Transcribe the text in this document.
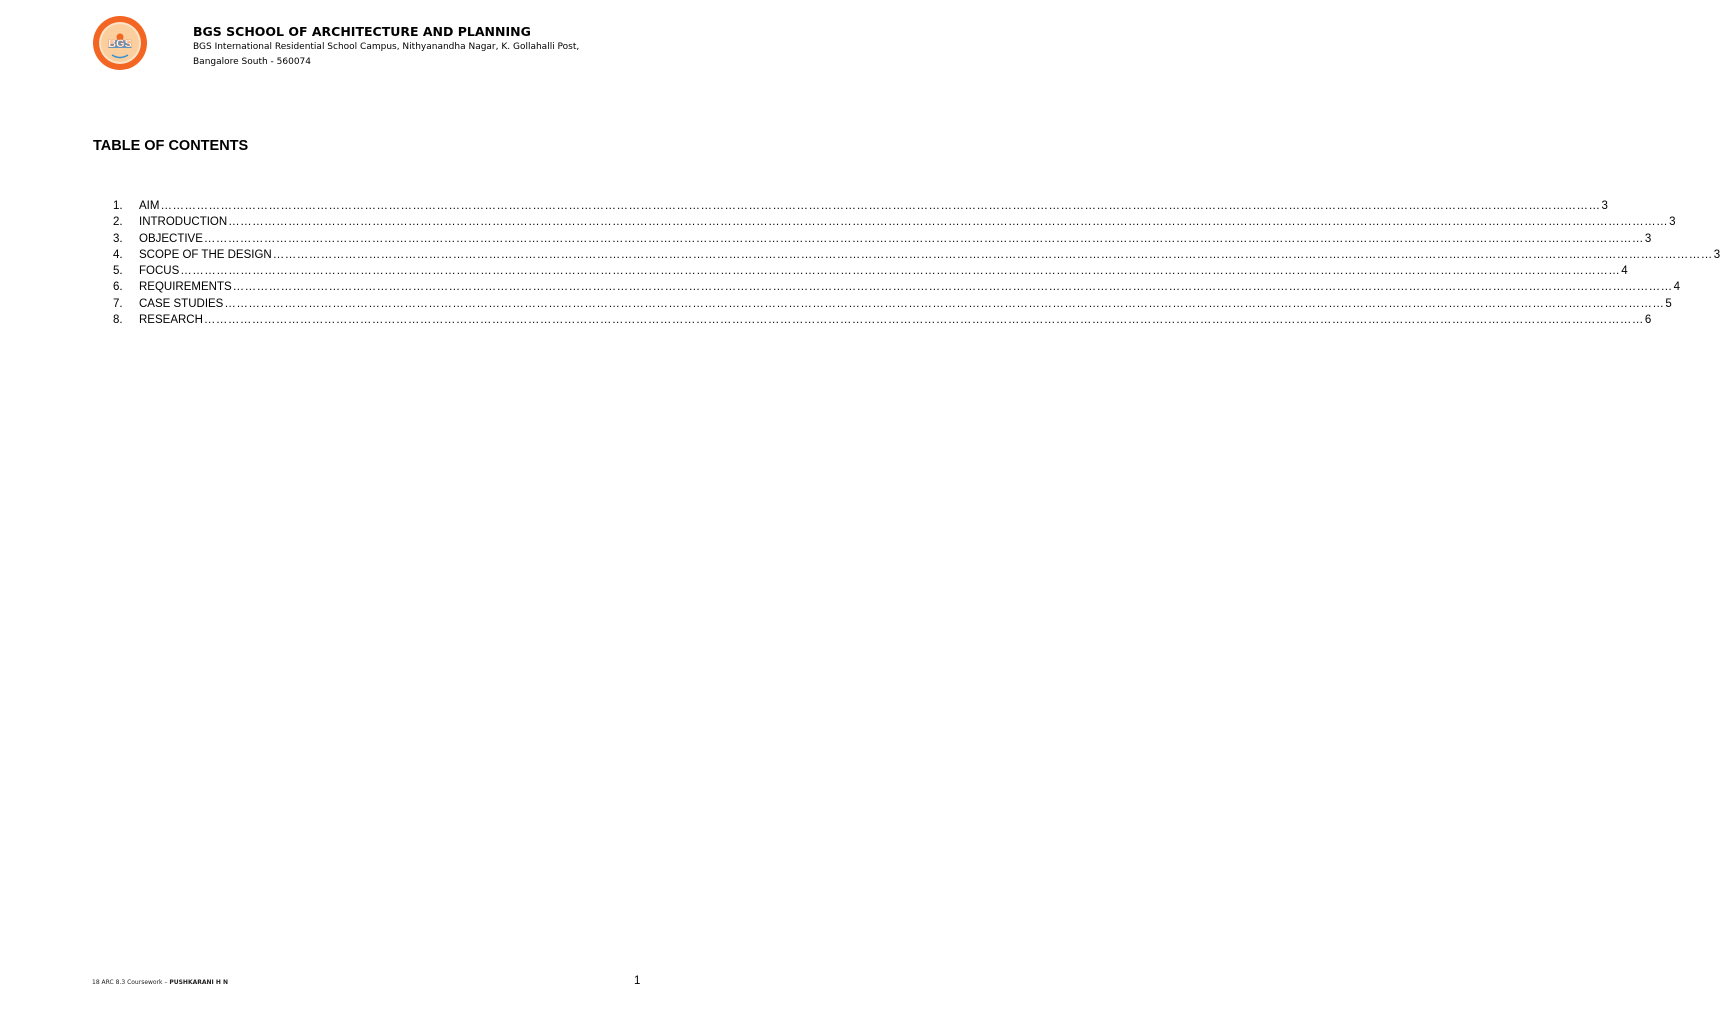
BGS

BGS SCHOOL OF ARCHITECTURE AND PLANNING

BGS International Residential School Campus, Nithyanandha Nagar, K. Gollahalli Post,

Bangalore South - 560074

TABLE OF CONTENTS
1.	AIM ……………………………………………………………………………………………………………………………………………………………………………………………………………………………………………………………………………………………………………………………… 3
2.	INTRODUCTION ……………………………………………………………………………………………………………………………………………………………………………………………………………………………………………………………………………………………………………………………… 3
3.	OBJECTIVE ……………………………………………………………………………………………………………………………………………………………………………………………………………………………………………………………………………………………………………………………… 3
4.	SCOPE OF THE DESIGN ……………………………………………………………………………………………………………………………………………………………………………………………………………………………………………………………………………………………………………………………… 3
5.	FOCUS ……………………………………………………………………………………………………………………………………………………………………………………………………………………………………………………………………………………………………………………………… 4
6.	REQUIREMENTS ……………………………………………………………………………………………………………………………………………………………………………………………………………………………………………………………………………………………………………………………… 4
7.	CASE STUDIES ……………………………………………………………………………………………………………………………………………………………………………………………………………………………………………………………………………………………………………………………… 5
8.	RESEARCH ……………………………………………………………………………………………………………………………………………………………………………………………………………………………………………………………………………………………………………………………… 6
18 ARC 8.3 Coursework – PUSHKARANI H N	1
